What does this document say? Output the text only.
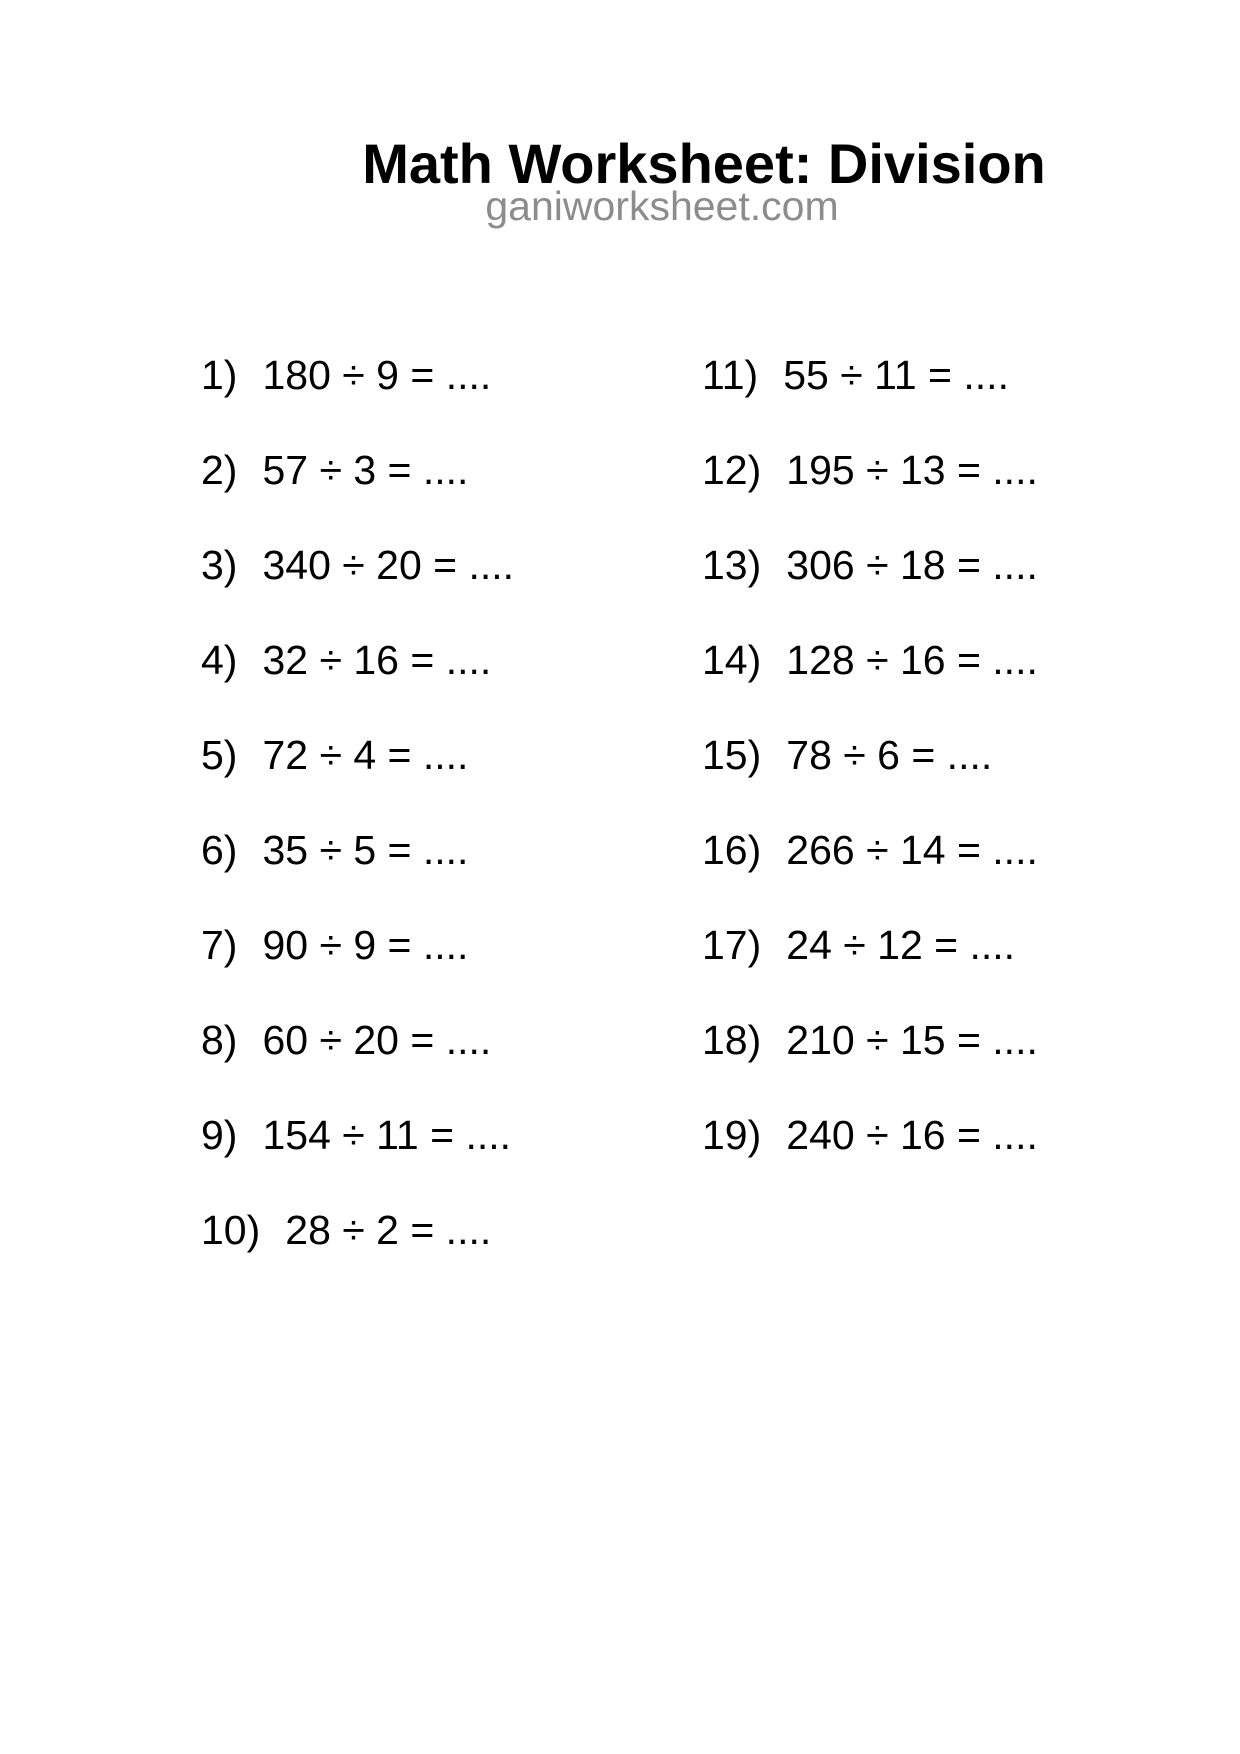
Math Worksheet: Division
ganiworksheet.com
1) 180 ÷ 9 = ....
2) 57 ÷ 3 = ....
3) 340 ÷ 20 = ....
4) 32 ÷ 16 = ....
5) 72 ÷ 4 = ....
6) 35 ÷ 5 = ....
7) 90 ÷ 9 = ....
8) 60 ÷ 20 = ....
9) 154 ÷ 11 = ....
10) 28 ÷ 2 = ....
11) 55 ÷ 11 = ....
12) 195 ÷ 13 = ....
13) 306 ÷ 18 = ....
14) 128 ÷ 16 = ....
15) 78 ÷ 6 = ....
16) 266 ÷ 14 = ....
17) 24 ÷ 12 = ....
18) 210 ÷ 15 = ....
19) 240 ÷ 16 = ....
